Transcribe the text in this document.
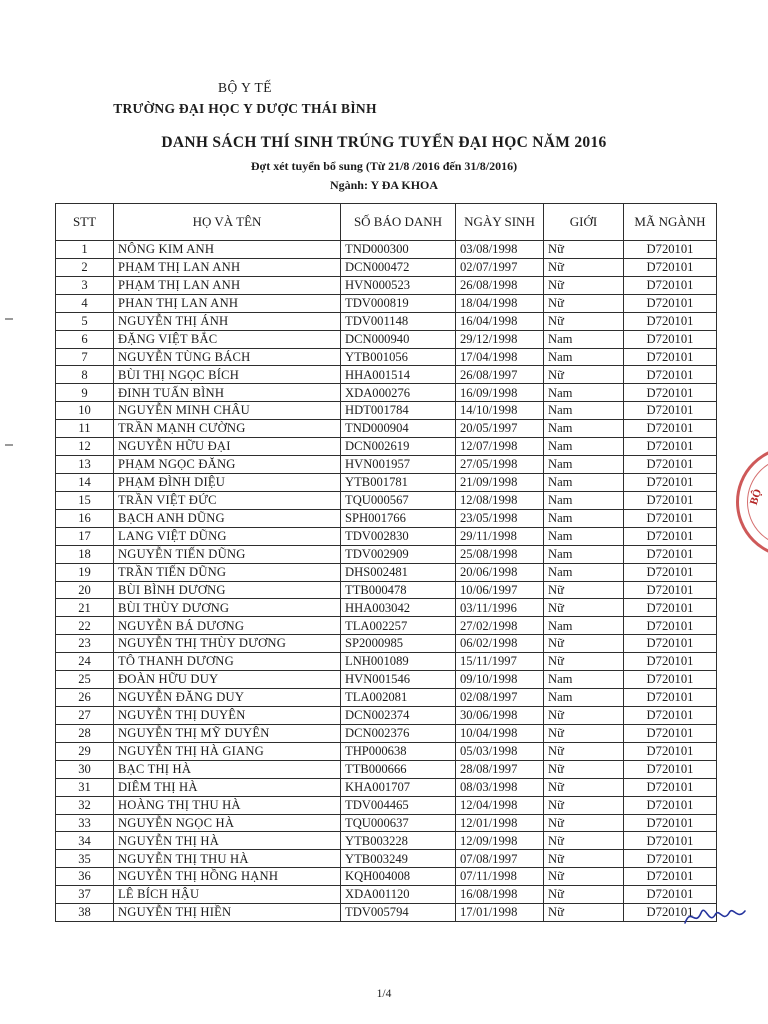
BỘ Y TẾ
TRƯỜNG ĐẠI HỌC Y DƯỢC THÁI BÌNH
DANH SÁCH THÍ SINH TRÚNG TUYỂN ĐẠI HỌC NĂM 2016
Đợt xét tuyển bổ sung (Từ 21/8 /2016 đến 31/8/2016)
Ngành: Y ĐA KHOA
STT	HỌ VÀ TÊN	SỐ BÁO DANH	NGÀY SINH	GIỚI	MÃ NGÀNH
1	NÔNG KIM ANH	TND000300	03/08/1998	Nữ	D720101
2	PHẠM THỊ LAN ANH	DCN000472	02/07/1997	Nữ	D720101
3	PHẠM THỊ LAN ANH	HVN000523	26/08/1998	Nữ	D720101
4	PHAN THỊ LAN ANH	TDV000819	18/04/1998	Nữ	D720101
5	NGUYỄN THỊ ÁNH	TDV001148	16/04/1998	Nữ	D720101
6	ĐẶNG VIỆT BẮC	DCN000940	29/12/1998	Nam	D720101
7	NGUYỄN TÙNG BÁCH	YTB001056	17/04/1998	Nam	D720101
8	BÙI THỊ NGỌC BÍCH	HHA001514	26/08/1997	Nữ	D720101
9	ĐINH TUẤN BÌNH	XDA000276	16/09/1998	Nam	D720101
10	NGUYỄN MINH CHÂU	HDT001784	14/10/1998	Nam	D720101
11	TRẦN MẠNH CƯỜNG	TND000904	20/05/1997	Nam	D720101
12	NGUYỄN HỮU ĐẠI	DCN002619	12/07/1998	Nam	D720101
13	PHẠM NGỌC ĐĂNG	HVN001957	27/05/1998	Nam	D720101
14	PHẠM ĐÌNH DIỆU	YTB001781	21/09/1998	Nam	D720101
15	TRẦN VIỆT ĐỨC	TQU000567	12/08/1998	Nam	D720101
16	BẠCH ANH DŨNG	SPH001766	23/05/1998	Nam	D720101
17	LANG VIỆT DŨNG	TDV002830	29/11/1998	Nam	D720101
18	NGUYỄN TIẾN DŨNG	TDV002909	25/08/1998	Nam	D720101
19	TRẦN TIẾN DŨNG	DHS002481	20/06/1998	Nam	D720101
20	BÙI BÌNH DƯƠNG	TTB000478	10/06/1997	Nữ	D720101
21	BÙI THÙY DƯƠNG	HHA003042	03/11/1996	Nữ	D720101
22	NGUYỄN BÁ DƯƠNG	TLA002257	27/02/1998	Nam	D720101
23	NGUYỄN THỊ THÙY DƯƠNG	SP2000985	06/02/1998	Nữ	D720101
24	TÔ THANH DƯƠNG	LNH001089	15/11/1997	Nữ	D720101
25	ĐOÀN HỮU DUY	HVN001546	09/10/1998	Nam	D720101
26	NGUYỄN ĐĂNG DUY	TLA002081	02/08/1997	Nam	D720101
27	NGUYỄN THỊ DUYÊN	DCN002374	30/06/1998	Nữ	D720101
28	NGUYỄN THỊ MỸ DUYÊN	DCN002376	10/04/1998	Nữ	D720101
29	NGUYỄN THỊ HÀ GIANG	THP000638	05/03/1998	Nữ	D720101
30	BẠC THỊ HÀ	TTB000666	28/08/1997	Nữ	D720101
31	DIÊM THỊ HÀ	KHA001707	08/03/1998	Nữ	D720101
32	HOÀNG THỊ THU HÀ	TDV004465	12/04/1998	Nữ	D720101
33	NGUYỄN NGỌC HÀ	TQU000637	12/01/1998	Nữ	D720101
34	NGUYỄN THỊ HÀ	YTB003228	12/09/1998	Nữ	D720101
35	NGUYỄN THỊ THU HÀ	YTB003249	07/08/1997	Nữ	D720101
36	NGUYỄN THỊ HỒNG HẠNH	KQH004008	07/11/1998	Nữ	D720101
37	LÊ BÍCH HẬU	XDA001120	16/08/1998	Nữ	D720101
38	NGUYỄN THỊ HIỀN	TDV005794	17/01/1998	Nữ	D720101
BỘ
1/4
